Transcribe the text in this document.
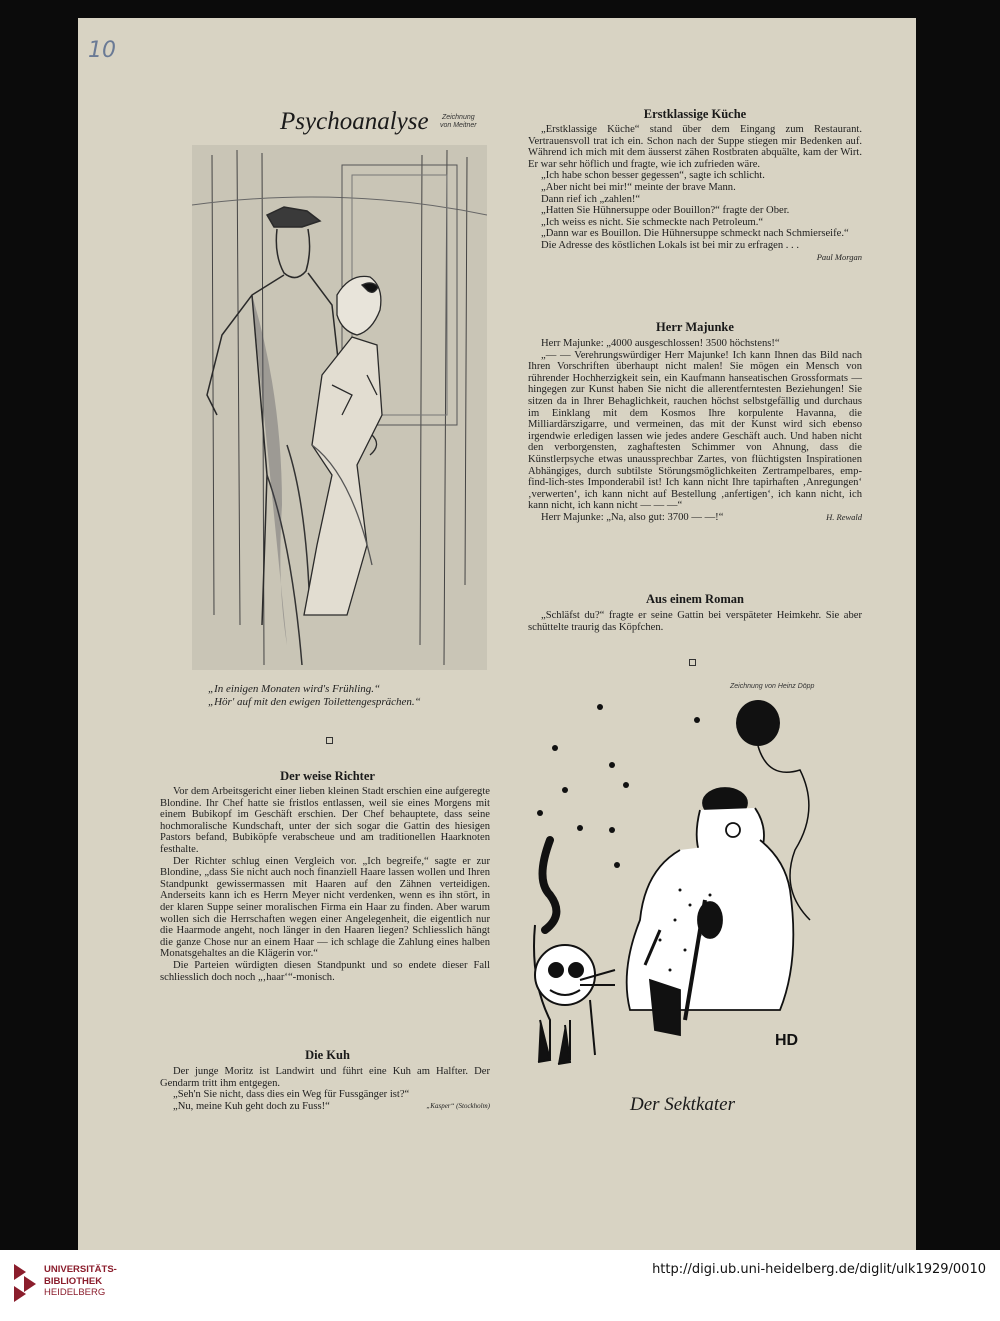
10
Psychoanalyse Zeichnung
von Meitner
„In einigen Monaten wird's Frühling.“
„Hör' auf mit den ewigen Toilettengesprächen.“
Der weise Richter

Vor dem Arbeitsgericht einer lieben kleinen Stadt erschien eine aufgeregte Blondine. Ihr Chef hatte sie fristlos entlassen, weil sie eines Morgens mit einem Bubikopf im Geschäft erschien. Der Chef behauptete, dass seine hochmoralische Kundschaft, unter der sich sogar die Gattin des hiesigen Pastors befand, Bubiköpfe verabscheue und am traditionellen Haarknoten festhalte.

Der Richter schlug einen Vergleich vor. „Ich begreife,“ sagte er zur Blondine, „dass Sie nicht auch noch finanziell Haare lassen wollen und Ihren Standpunkt gewissermassen mit Haaren auf den Zähnen verteidigen. Anderseits kann ich es Herrn Meyer nicht verdenken, wenn es ihn stört, in der klaren Suppe seiner moralischen Firma ein Haar zu finden. Aber warum wollen sich die Herrschaften wegen einer Angelegenheit, die eigentlich nur die Haarmode angeht, noch länger in den Haaren liegen? Schliesslich hängt die ganze Chose nur an einem Haar — ich schlage die Zahlung eines halben Monatsgehaltes an die Klägerin vor.“

Die Parteien würdigten diesen Standpunkt und so endete dieser Fall schliesslich doch noch „‚haar‘“-monisch.

Die Kuh

Der junge Moritz ist Landwirt und führt eine Kuh am Halfter. Der Gendarm tritt ihm entgegen.

„Seh'n Sie nicht, dass dies ein Weg für Fussgänger ist?“

„Nu, meine Kuh geht doch zu Fuss!“	„Kasper“ (Stockholm)

Erstklassige Küche

„Erstklassige Küche“ stand über dem Eingang zum Restaurant. Vertrauensvoll trat ich ein. Schon nach der Suppe stiegen mir Bedenken auf. Während ich mich mit dem äusserst zähen Rostbraten abquälte, kam der Wirt. Er war sehr höflich und fragte, wie ich zufrieden wäre.

„Ich habe schon besser gegessen“, sagte ich schlicht.

„Aber nicht bei mir!“ meinte der brave Mann.

Dann rief ich „zahlen!“

„Hatten Sie Hühnersuppe oder Bouillon?“ fragte der Ober.

„Ich weiss es nicht. Sie schmeckte nach Petroleum.“

„Dann war es Bouillon. Die Hühnersuppe schmeckt nach Schmierseife.“

Die Adresse des köstlichen Lokals ist bei mir zu erfragen . . .

Paul Morgan
Herr Majunke

Herr Majunke: „4000 ausgeschlossen! 3500 höchstens!“

„— — Verehrungswürdiger Herr Majunke! Ich kann Ihnen das Bild nach Ihren Vorschriften überhaupt nicht malen! Sie mögen ein Mensch von rührender Hochherzigkeit sein, ein Kaufmann hanseatischen Grossformats — hingegen zur Kunst haben Sie nicht die allerentferntesten Beziehungen! Sie sitzen da in Ihrer Behaglichkeit, rauchen höchst selbstgefällig und durchaus im Einklang mit dem Kosmos Ihre korpulente Havanna, die Milliardärszigarre, und vermeinen, das mit der Kunst wird sich ebenso irgendwie erledigen lassen wie jedes andere Geschäft auch. Und haben nicht den verborgensten, zaghaftesten Schimmer von Ahnung, dass die Künstlerpsyche etwas unaussprechbar Zartes, von flüchtigsten Inspirationen Abhängiges, durch subtilste Störungsmöglichkeiten Zertrampelbares, emp-find-lich-stes Imponderabil ist! Ich kann nicht Ihre tapirhaften ‚Anregungen‘ ‚verwerten‘, ich kann nicht auf Bestellung ‚anfertigen‘, ich kann nicht, ich kann nicht, ich kann nicht — — —“

Herr Majunke: „Na, also gut: 3700 — —!“	H. Rewald

Aus einem Roman

„Schläfst du?“ fragte er seine Gattin bei verspäteter Heimkehr. Sie aber schüttelte traurig das Köpfchen.

Zeichnung von Heinz Döpp
HD
Der Sektkater
UNIVERSITÄTS-
BIBLIOTHEK
HEIDELBERG
http://digi.ub.uni-heidelberg.de/diglit/ulk1929/0010
